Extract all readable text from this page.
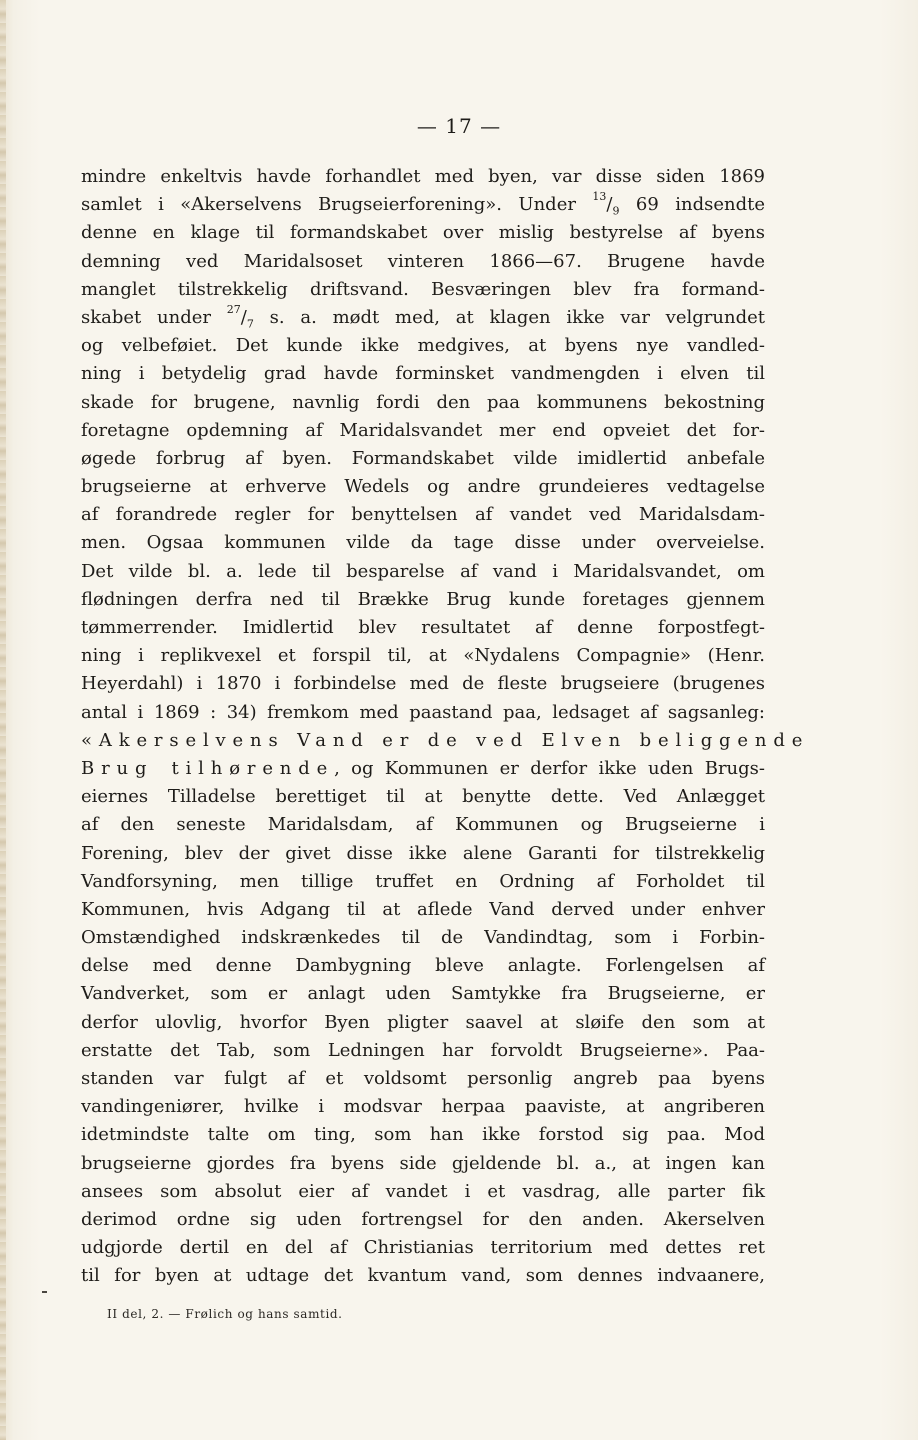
— 17 —
mindre enkeltvis havde forhandlet med byen, var disse siden 1869
samlet i «Akerselvens Brugseierforening». Under $^{13}/_9$ 69 indsendte
denne en klage til formandskabet over mislig bestyrelse af byens
demning ved Maridalsoset vinteren 1866—67. Brugene havde
manglet tilstrekkelig driftsvand. Besværingen blev fra formand-
skabet under $^{27}/_7$ s. a. mødt med, at klagen ikke var velgrundet
og velbeføiet. Det kunde ikke medgives, at byens nye vandled-
ning i betydelig grad havde forminsket vandmengden i elven til
skade for brugene, navnlig fordi den paa kommunens bekostning
foretagne opdemning af Maridalsvandet mer end opveiet det for-
øgede forbrug af byen. Formandskabet vilde imidlertid anbefale
brugseierne at erhverve Wedels og andre grundeieres vedtagelse
af forandrede regler for benyttelsen af vandet ved Maridalsdam-
men. Ogsaa kommunen vilde da tage disse under overveielse.
Det vilde bl. a. lede til besparelse af vand i Maridalsvandet, om
flødningen derfra ned til Brække Brug kunde foretages gjennem
tømmerrender. Imidlertid blev resultatet af denne forpostfegt-
ning i replikvexel et forspil til, at «Nydalens Compagnie» (Henr.
Heyerdahl) i 1870 i forbindelse med de fleste brugseiere (brugenes
antal i 1869 : 34) fremkom med paastand paa, ledsaget af sagsanleg:
«Akerselvens Vand er de ved Elven beliggende
Brug tilhørende, og Kommunen er derfor ikke uden Brugs-
eiernes Tilladelse berettiget til at benytte dette. Ved Anlægget
af den seneste Maridalsdam, af Kommunen og Brugseierne i
Forening, blev der givet disse ikke alene Garanti for tilstrekkelig
Vandforsyning, men tillige truffet en Ordning af Forholdet til
Kommunen, hvis Adgang til at aflede Vand derved under enhver
Omstændighed indskrænkedes til de Vandindtag, som i Forbin-
delse med denne Dambygning bleve anlagte. Forlengelsen af
Vandverket, som er anlagt uden Samtykke fra Brugseierne, er
derfor ulovlig, hvorfor Byen pligter saavel at sløife den som at
erstatte det Tab, som Ledningen har forvoldt Brugseierne». Paa-
standen var fulgt af et voldsomt personlig angreb paa byens
vandingeniører, hvilke i modsvar herpaa paaviste, at angriberen
idetmindste talte om ting, som han ikke forstod sig paa. Mod
brugseierne gjordes fra byens side gjeldende bl. a., at ingen kan
ansees som absolut eier af vandet i et vasdrag, alle parter fik
derimod ordne sig uden fortrengsel for den anden. Akerselven
udgjorde dertil en del af Christianias territorium med dettes ret
til for byen at udtage det kvantum vand, som dennes indvaanere,
II del, 2. — Frølich og hans samtid.
